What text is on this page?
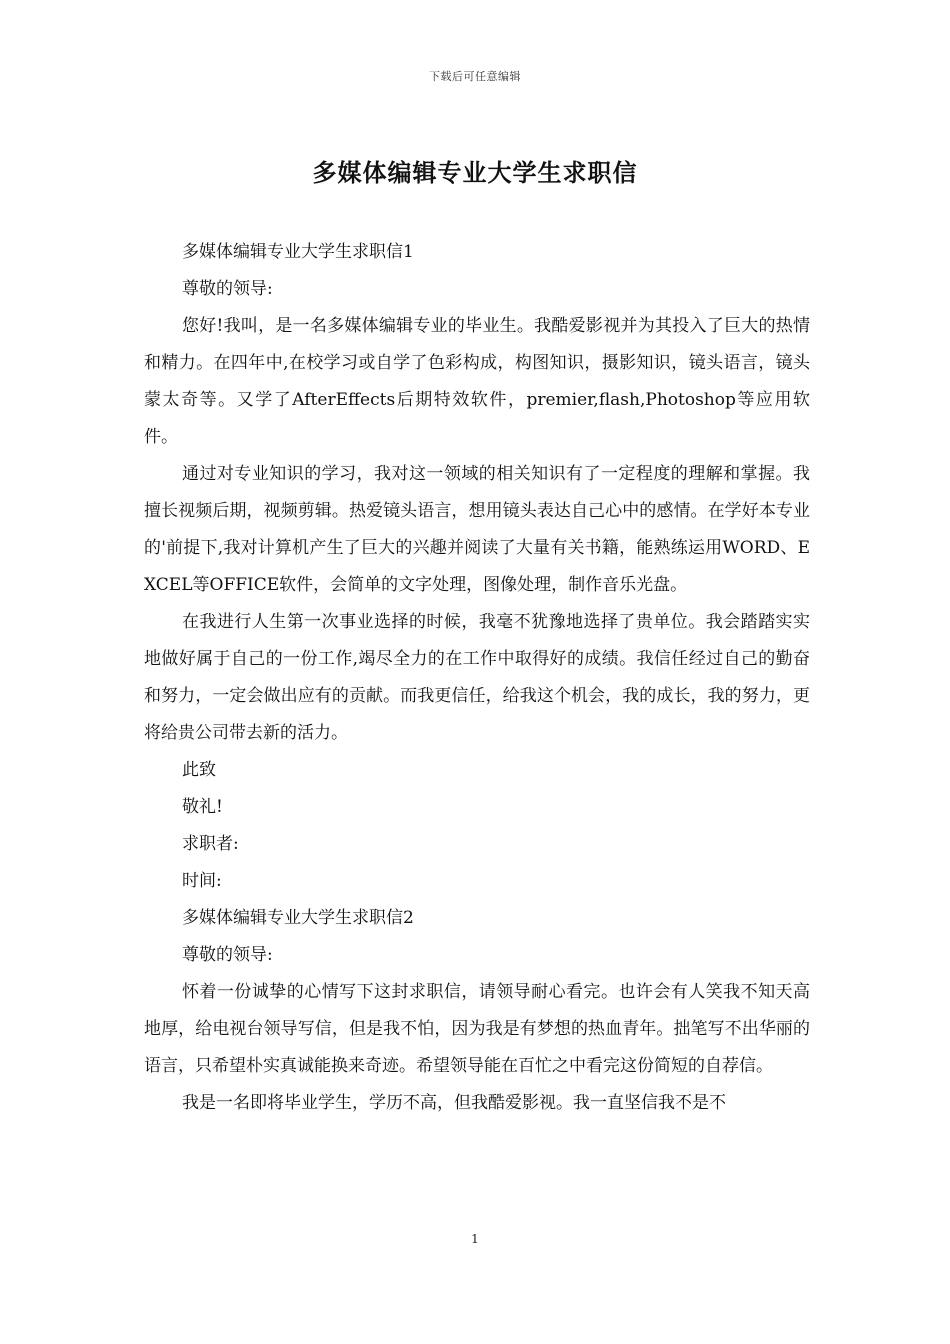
下载后可任意编辑
多媒体编辑专业大学生求职信

多媒体编辑专业大学生求职信1

尊敬的领导:

您好!我叫，是一名多媒体编辑专业的毕业生。我酷爱影视并为其投入了巨大的热情和精力。在四年中,在校学习或自学了色彩构成，构图知识，摄影知识，镜头语言，镜头蒙太奇等。又学了AfterEffects后期特效软件，premier,flash,Photoshop等应用软件。

通过对专业知识的学习，我对这一领域的相关知识有了一定程度的理解和掌握。我擅长视频后期，视频剪辑。热爱镜头语言，想用镜头表达自己心中的感情。在学好本专业的'前提下,我对计算机产生了巨大的兴趣并阅读了大量有关书籍，能熟练运用WORD、EXCEL等OFFICE软件，会简单的文字处理，图像处理，制作音乐光盘。

在我进行人生第一次事业选择的时候，我毫不犹豫地选择了贵单位。我会踏踏实实地做好属于自己的一份工作,竭尽全力的在工作中取得好的成绩。我信任经过自己的勤奋和努力，一定会做出应有的贡献。而我更信任，给我这个机会，我的成长，我的努力，更将给贵公司带去新的活力。

此致

敬礼!

求职者:

时间:

多媒体编辑专业大学生求职信2

尊敬的领导:

怀着一份诚挚的心情写下这封求职信，请领导耐心看完。也许会有人笑我不知天高地厚，给电视台领导写信，但是我不怕，因为我是有梦想的热血青年。拙笔写不出华丽的语言，只希望朴实真诚能换来奇迹。希望领导能在百忙之中看完这份简短的自荐信。

我是一名即将毕业学生，学历不高，但我酷爱影视。我一直坚信我不是不

1
